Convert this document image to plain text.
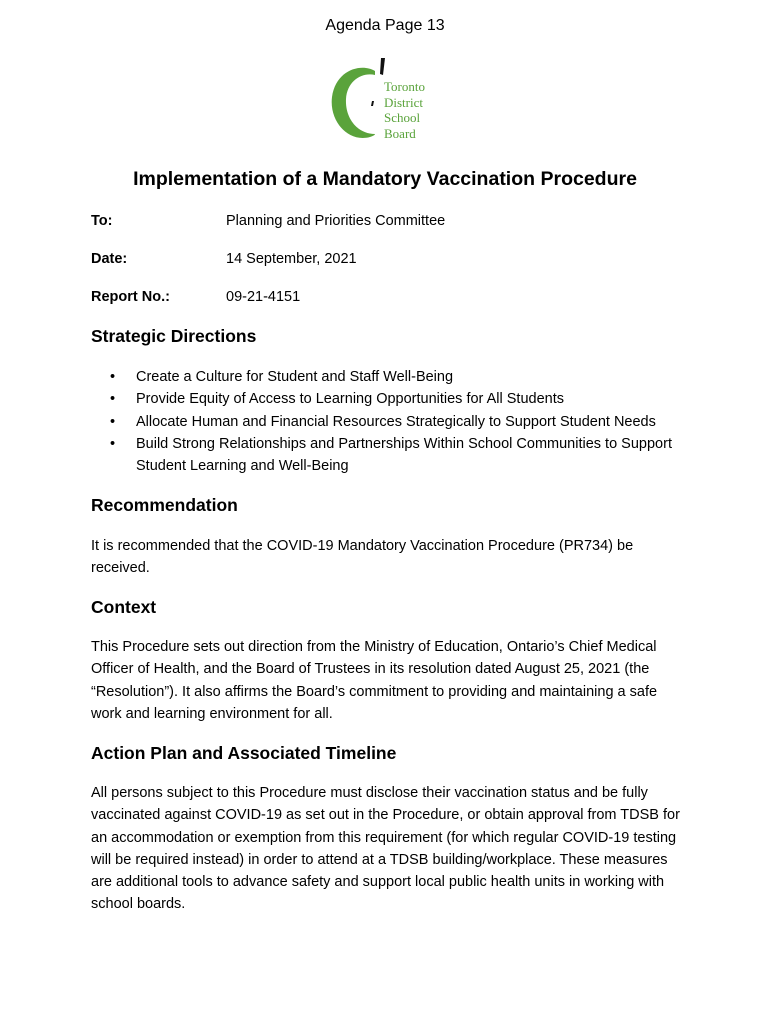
Agenda Page 13
Toronto
District
School
Board
Implementation of a Mandatory Vaccination Procedure
To:	Planning and Priorities Committee
Date:	14 September, 2021
Report No.:	09-21-4151
Strategic Directions
• Create a Culture for Student and Staff Well-Being
• Provide Equity of Access to Learning Opportunities for All Students
• Allocate Human and Financial Resources Strategically to Support Student Needs
• Build Strong Relationships and Partnerships Within School Communities to Support Student Learning and Well-Being
Recommendation

It is recommended that the COVID-19 Mandatory Vaccination Procedure (PR734) be received.

Context

This Procedure sets out direction from the Ministry of Education, Ontario’s Chief Medical Officer of Health, and the Board of Trustees in its resolution dated August 25, 2021 (the “Resolution”). It also affirms the Board’s commitment to providing and maintaining a safe work and learning environment for all.

Action Plan and Associated Timeline

All persons subject to this Procedure must disclose their vaccination status and be fully vaccinated against COVID-19 as set out in the Procedure, or obtain approval from TDSB for an accommodation or exemption from this requirement (for which regular COVID-19 testing will be required instead) in order to attend at a TDSB building/workplace. These measures are additional tools to advance safety and support local public health units in working with school boards.
